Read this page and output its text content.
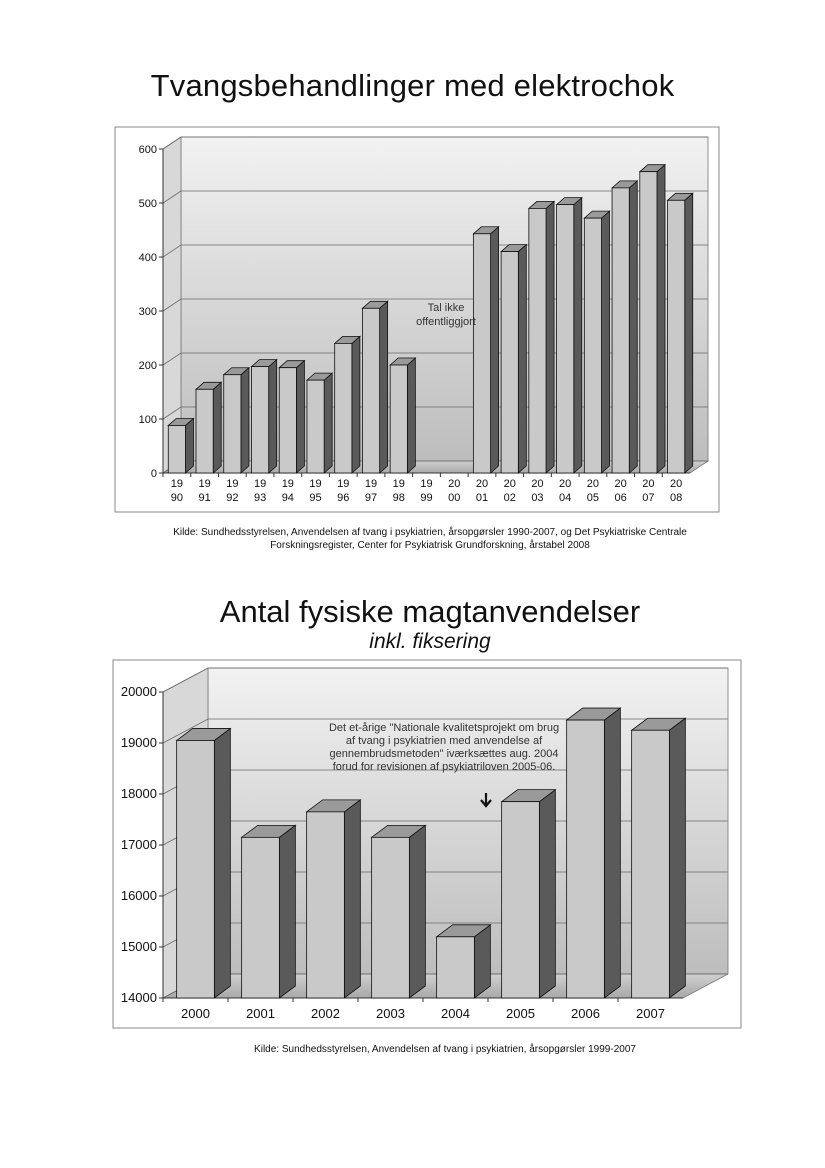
Tvangsbehandlinger med elektrochok
0
100
200
300
400
500
600
19
90
19
91
19
92
19
93
19
94
19
95
19
96
19
97
19
98
19
99
20
00
20
01
20
02
20
03
20
04
20
05
20
06
20
07
20
08
14000
15000
16000
17000
18000
19000
20000
2000	2001	2002	2003	2004	2005	2006	2007
Tal ikke
offentliggjort
Det et-årige "Nationale kvalitetsprojekt om brug
af tvang i psykiatrien med anvendelse af
gennembrudsmetoden" iværksættes aug. 2004
forud for revisionen af psykiatriloven 2005-06.
Kilde: Sundhedsstyrelsen, Anvendelsen af tvang i psykiatrien, årsopgørsler 1990-2007, og Det Psykiatriske Centrale
Forskningsregister, Center for Psykiatrisk Grundforskning, årstabel 2008
Antal fysiske magtanvendelser
inkl. fiksering
Kilde: Sundhedsstyrelsen, Anvendelsen af tvang i psykiatrien, årsopgørsler 1999-2007
